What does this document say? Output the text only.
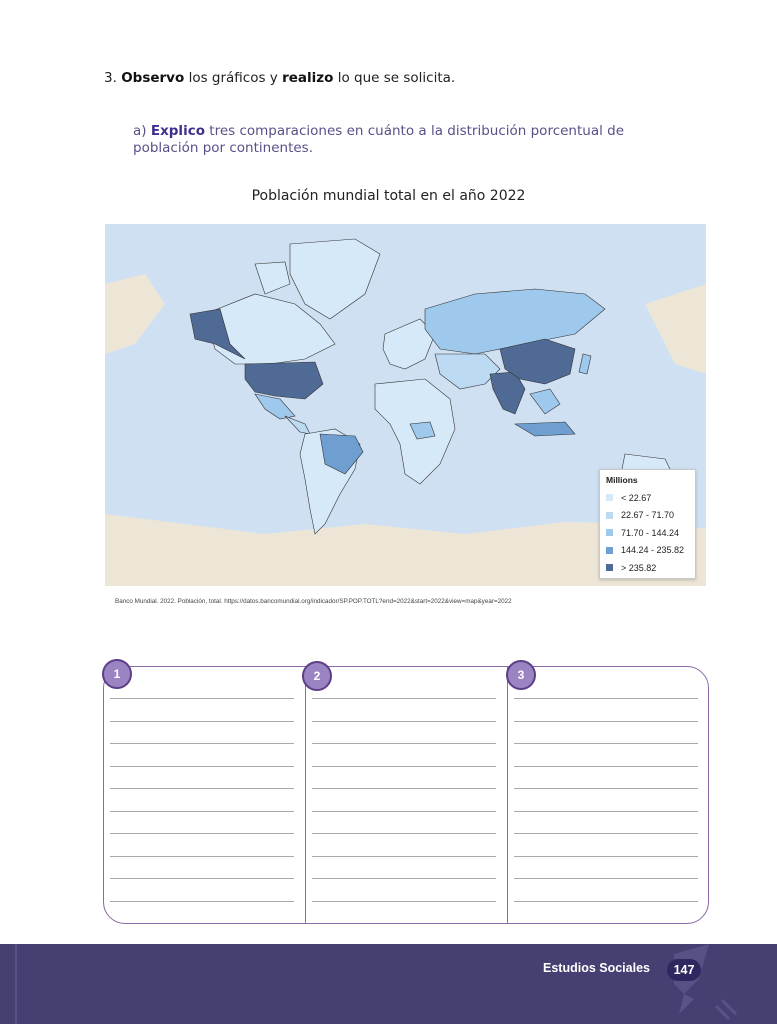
3. Observo los gráficos y realizo lo que se solicita.
a) Explico tres comparaciones en cuánto a la distribución porcentual de población por continentes.
Población mundial total en el año 2022
Millions
< 22.67
22.67 - 71.70
71.70 - 144.24
144.24 - 235.82
> 235.82
Banco Mundial. 2022. Población, total. https://datos.bancomundial.org/indicador/SP.POP.TOTL?end=2022&start=2022&view=map&year=2022
1	2	3
Estudios Sociales	147
